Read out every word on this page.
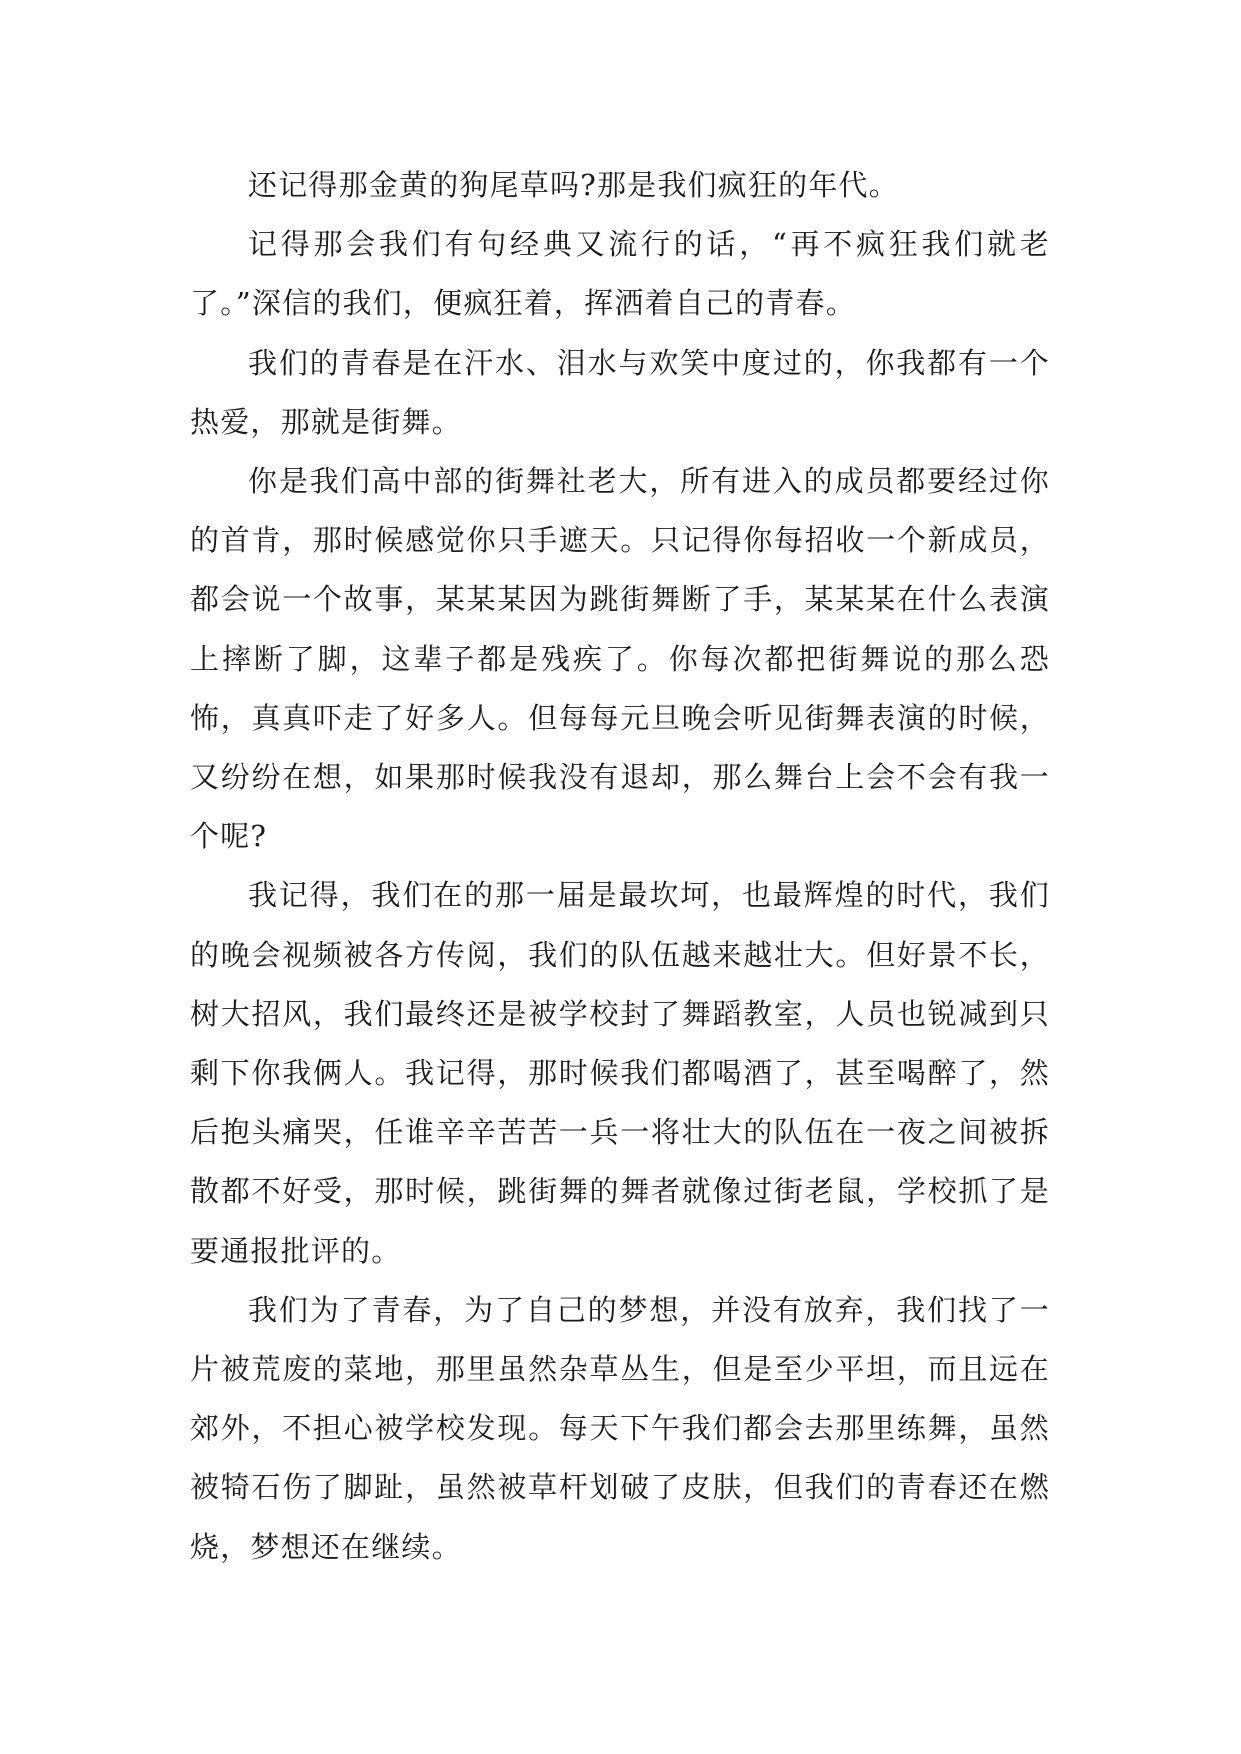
还记得那金黄的狗尾草吗?那是我们疯狂的年代。

记得那会我们有句经典又流行的话，“再不疯狂我们就老了。”深信的我们，便疯狂着，挥洒着自己的青春。

我们的青春是在汗水、泪水与欢笑中度过的，你我都有一个热爱，那就是街舞。

你是我们高中部的街舞社老大，所有进入的成员都要经过你的首肯，那时候感觉你只手遮天。只记得你每招收一个新成员，都会说一个故事，某某某因为跳街舞断了手，某某某在什么表演上摔断了脚，这辈子都是残疾了。你每次都把街舞说的那么恐怖，真真吓走了好多人。但每每元旦晚会听见街舞表演的时候，又纷纷在想，如果那时候我没有退却，那么舞台上会不会有我一个呢?

我记得，我们在的那一届是最坎坷，也最辉煌的时代，我们的晚会视频被各方传阅，我们的队伍越来越壮大。但好景不长，树大招风，我们最终还是被学校封了舞蹈教室，人员也锐减到只剩下你我俩人。我记得，那时候我们都喝酒了，甚至喝醉了，然后抱头痛哭，任谁辛辛苦苦一兵一将壮大的队伍在一夜之间被拆散都不好受，那时候，跳街舞的舞者就像过街老鼠，学校抓了是要通报批评的。

我们为了青春，为了自己的梦想，并没有放弃，我们找了一片被荒废的菜地，那里虽然杂草丛生，但是至少平坦，而且远在郊外，不担心被学校发现。每天下午我们都会去那里练舞，虽然被犄石伤了脚趾，虽然被草杆划破了皮肤，但我们的青春还在燃烧，梦想还在继续。
